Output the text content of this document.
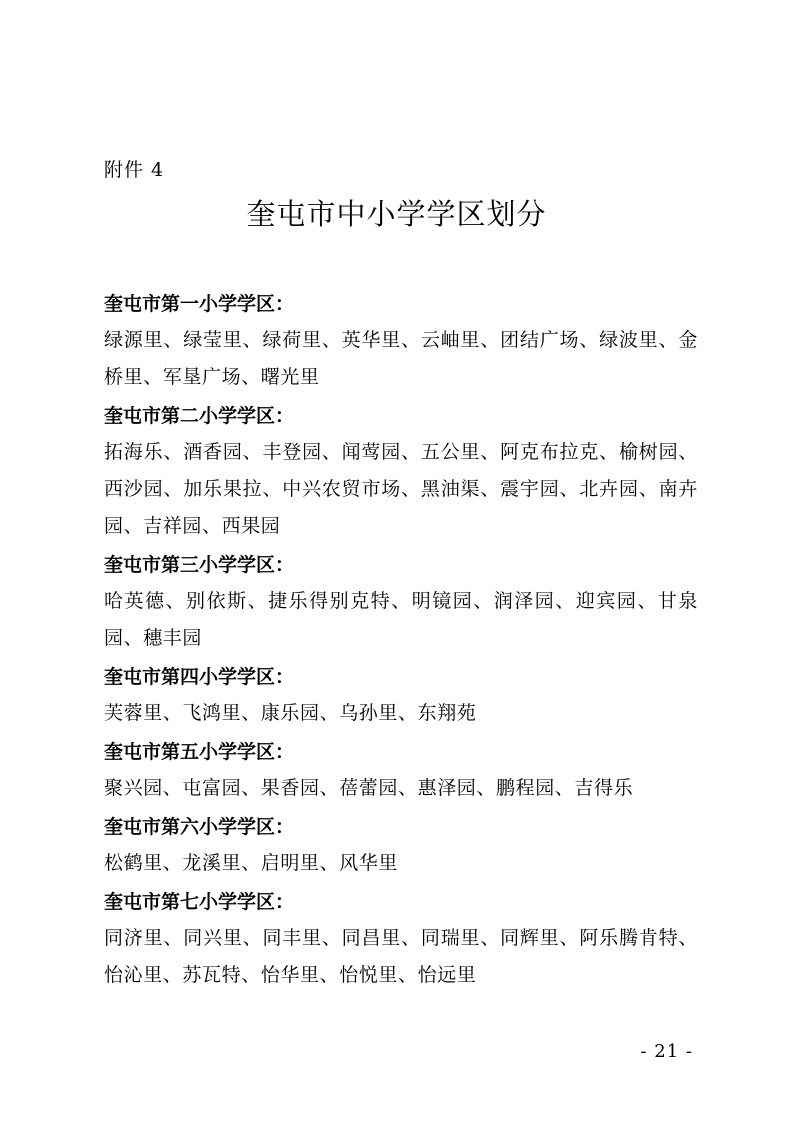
附件 4
奎屯市中小学学区划分
奎屯市第一小学学区：
绿源里、绿莹里、绿荷里、英华里、云岫里、团结广场、绿波里、金桥里、军垦广场、曙光里
奎屯市第二小学学区：
拓海乐、酒香园、丰登园、闻莺园、五公里、阿克布拉克、榆树园、西沙园、加乐果拉、中兴农贸市场、黑油渠、震宇园、北卉园、南卉园、吉祥园、西果园
奎屯市第三小学学区：
哈英德、别依斯、捷乐得别克特、明镜园、润泽园、迎宾园、甘泉园、穗丰园
奎屯市第四小学学区：
芙蓉里、飞鸿里、康乐园、乌孙里、东翔苑
奎屯市第五小学学区：
聚兴园、屯富园、果香园、蓓蕾园、惠泽园、鹏程园、吉得乐
奎屯市第六小学学区：
松鹤里、龙溪里、启明里、风华里
奎屯市第七小学学区：
同济里、同兴里、同丰里、同昌里、同瑞里、同辉里、阿乐腾肯特、怡沁里、苏瓦特、怡华里、怡悦里、怡远里
- 21 -
